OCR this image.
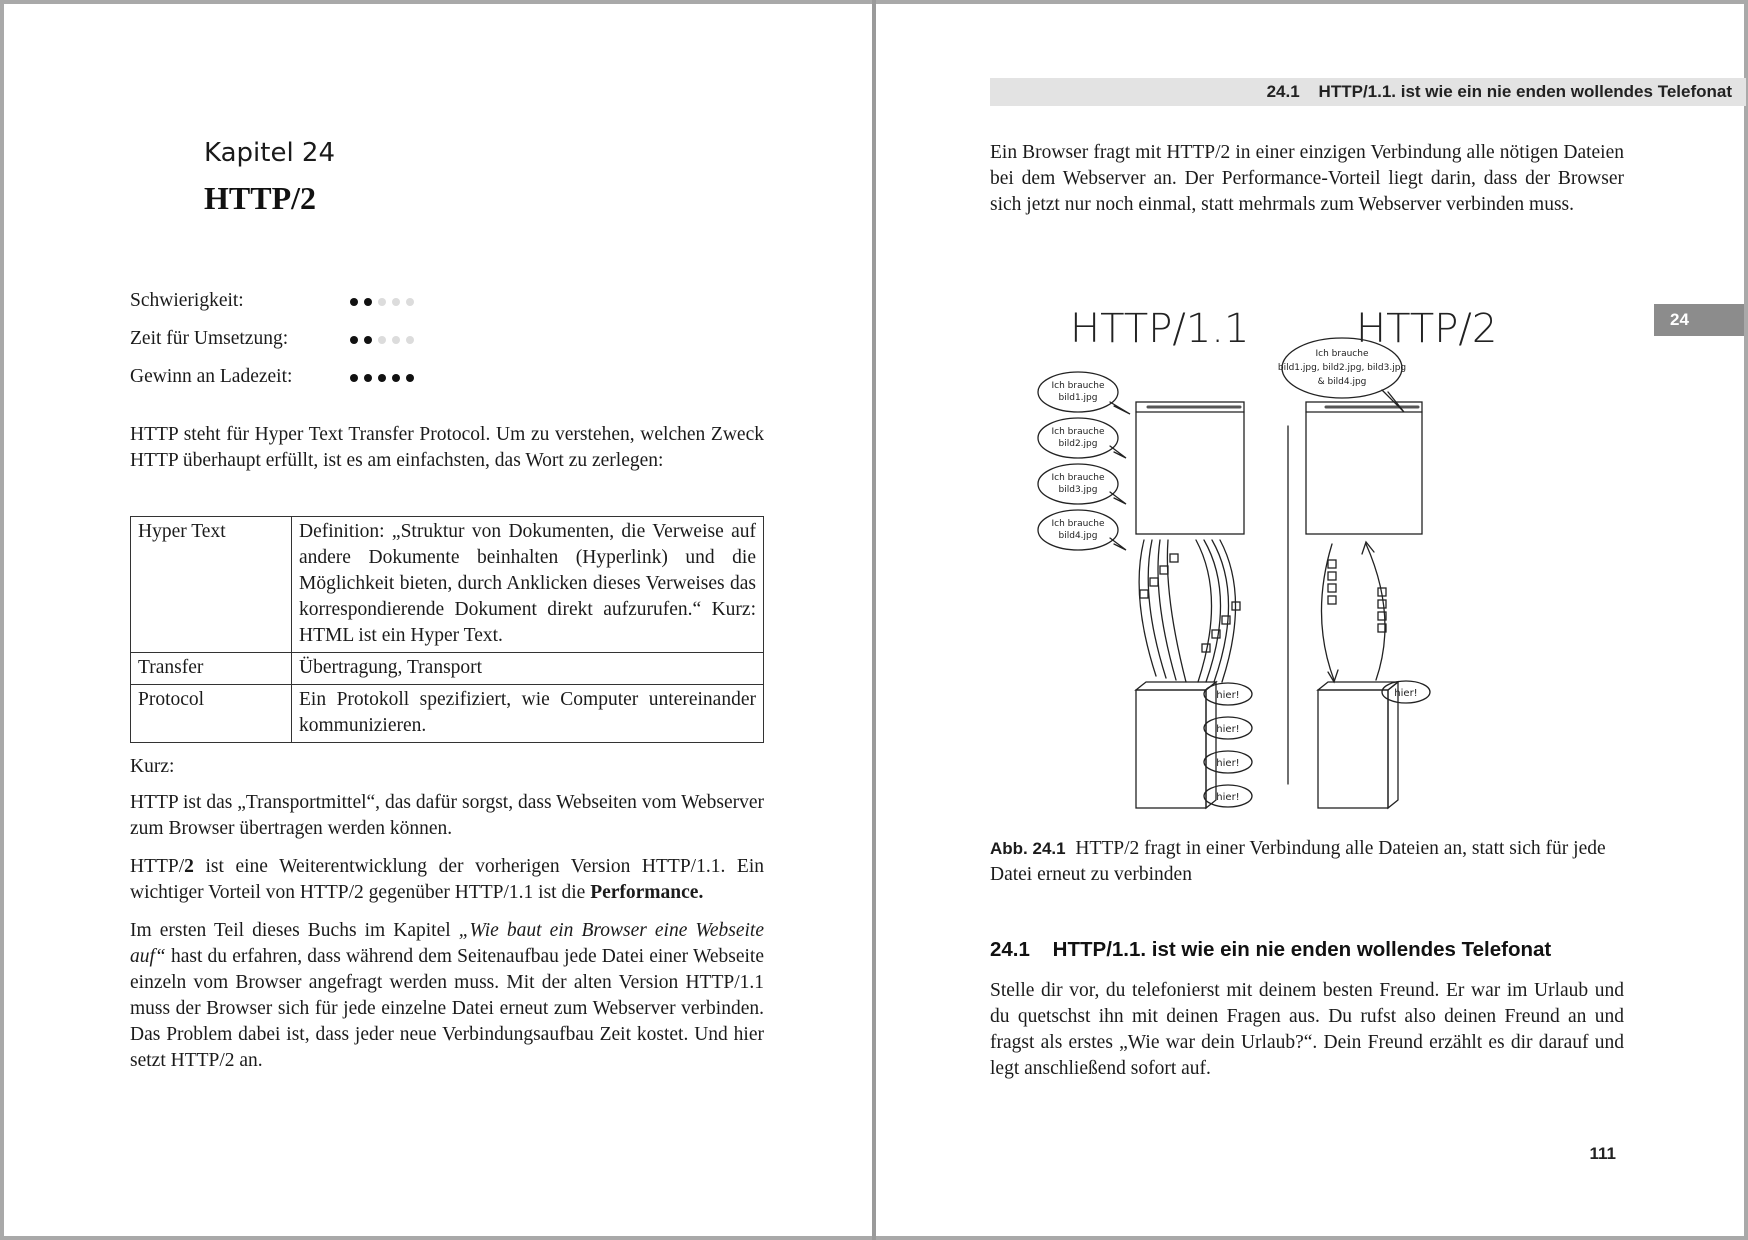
Kapitel 24
HTTP/2
Schwierigkeit:
Zeit für Umsetzung:
Gewinn an Ladezeit:

HTTP steht für Hyper Text Transfer Protocol. Um zu verstehen, welchen Zweck HTTP überhaupt erfüllt, ist es am einfachsten, das Wort zu zerlegen:

Hyper Text	Definition: „Struktur von Dokumenten, die Verweise auf andere Dokumente beinhalten (Hyperlink) und die Möglichkeit bieten, durch Anklicken dieses Verweises das korrespondierende Dokument direkt aufzurufen.“ Kurz: HTML ist ein Hyper Text.
Transfer	Übertragung, Transport
Protocol	Ein Protokoll spezifiziert, wie Computer untereinander kommunizieren.

Kurz:

HTTP ist das „Transportmittel“, das dafür sorgst, dass Webseiten vom Webserver zum Browser übertragen werden können.

HTTP/2 ist eine Weiterentwicklung der vorherigen Version HTTP/1.1. Ein wichtiger Vorteil von HTTP/2 gegenüber HTTP/1.1 ist die Performance.

Im ersten Teil dieses Buchs im Kapitel „Wie baut ein Browser eine Webseite auf“ hast du erfahren, dass während dem Seitenaufbau jede Datei einer Webseite einzeln vom Browser angefragt werden muss. Mit der alten Version HTTP/1.1 muss der Browser sich für jede einzelne Datei erneut zum Webserver verbinden. Das Problem dabei ist, dass jeder neue Verbindungsaufbau Zeit kostet. Und hier setzt HTTP/2 an.

24.1    HTTP/1.1. ist wie ein nie enden wollendes Telefonat
24

Ein Browser fragt mit HTTP/2 in einer einzigen Verbindung alle nötigen Dateien bei dem Webserver an. Der Performance-Vorteil liegt darin, dass der Browser sich jetzt nur noch einmal, statt mehrmals zum Webserver verbinden muss.

HTTP/1.1	HTTP/2
Ich brauche
bild1.jpg
Ich brauche
bild2.jpg
Ich brauche
bild3.jpg
Ich brauche
bild4.jpg
hier!
hier!
hier!
hier!
Ich brauche
bild1.jpg, bild2.jpg, bild3.jpg
& bild4.jpg
hier!
Abb. 24.1 HTTP/2 fragt in einer Verbindung alle Dateien an, statt sich für jede Datei erneut zu verbinden
24.1    HTTP/1.1. ist wie ein nie enden wollendes Telefonat

Stelle dir vor, du telefonierst mit deinem besten Freund. Er war im Urlaub und du quetschst ihn mit deinen Fragen aus. Du rufst also deinen Freund an und fragst als erstes „Wie war dein Urlaub?“. Dein Freund erzählt es dir darauf und legt anschließend sofort auf.

111
